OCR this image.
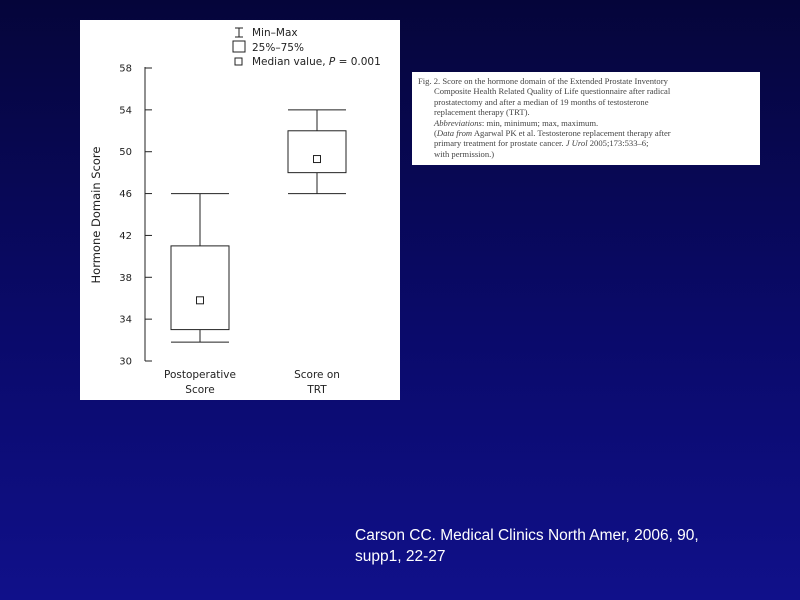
Min–Max
25%–75%
Median value, P = 0.001
Hormone Domain Score
30
34
38
42
46
50
54
58
Postoperative
Score
Score on
TRT

Fig. 2. Score on the hormone domain of the Extended Prostate Inventory

Composite Health Related Quality of Life questionnaire after radical

prostatectomy and after a median of 19 months of testosterone

replacement therapy (TRT).

Abbreviations: min, minimum; max, maximum.

(Data from Agarwal PK et al. Testosterone replacement therapy after

primary treatment for prostate cancer. J Urol 2005;173:533–6;

with permission.)

Carson CC. Medical Clinics North Amer, 2006, 90,
supp1, 22-27
